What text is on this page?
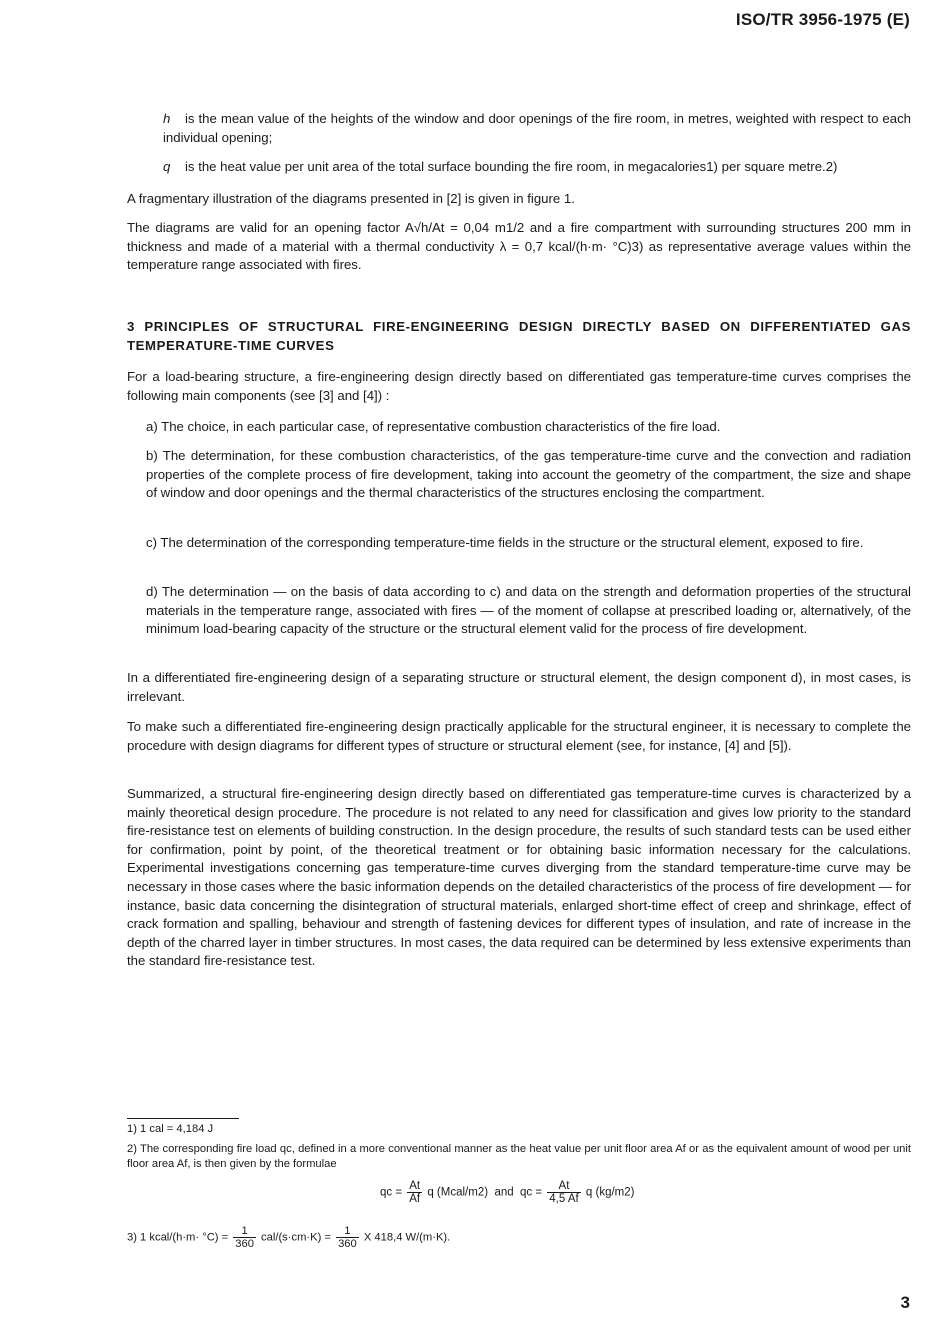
ISO/TR 3956-1975 (E)

h is the mean value of the heights of the window and door openings of the fire room, in metres, weighted with respect to each individual opening;

q is the heat value per unit area of the total surface bounding the fire room, in megacalories1) per square metre.2)

A fragmentary illustration of the diagrams presented in [2] is given in figure 1.

The diagrams are valid for an opening factor A√h/At = 0,04 m1/2 and a fire compartment with surrounding structures 200 mm in thickness and made of a material with a thermal conductivity λ = 0,7 kcal/(h·m· °C)3) as representative average values within the temperature range associated with fires.

3 PRINCIPLES OF STRUCTURAL FIRE-ENGINEERING DESIGN DIRECTLY BASED ON DIFFERENTIATED GAS TEMPERATURE-TIME CURVES

For a load-bearing structure, a fire-engineering design directly based on differentiated gas temperature-time curves comprises the following main components (see [3] and [4]) :

a) The choice, in each particular case, of representative combustion characteristics of the fire load.

b) The determination, for these combustion characteristics, of the gas temperature-time curve and the convection and radiation properties of the complete process of fire development, taking into account the geometry of the compartment, the size and shape of window and door openings and the thermal characteristics of the structures enclosing the compartment.

c) The determination of the corresponding temperature-time fields in the structure or the structural element, exposed to fire.

d) The determination — on the basis of data according to c) and data on the strength and deformation properties of the structural materials in the temperature range, associated with fires — of the moment of collapse at prescribed loading or, alternatively, of the minimum load-bearing capacity of the structure or the structural element valid for the process of fire development.

In a differentiated fire-engineering design of a separating structure or structural element, the design component d), in most cases, is irrelevant.

To make such a differentiated fire-engineering design practically applicable for the structural engineer, it is necessary to complete the procedure with design diagrams for different types of structure or structural element (see, for instance, [4] and [5]).

Summarized, a structural fire-engineering design directly based on differentiated gas temperature-time curves is characterized by a mainly theoretical design procedure. The procedure is not related to any need for classification and gives low priority to the standard fire-resistance test on elements of building construction. In the design procedure, the results of such standard tests can be used either for confirmation, point by point, of the theoretical treatment or for obtaining basic information necessary for the calculations. Experimental investigations concerning gas temperature-time curves diverging from the standard temperature-time curve may be necessary in those cases where the basic information depends on the detailed characteristics of the process of fire development — for instance, basic data concerning the disintegration of structural materials, enlarged short-time effect of creep and shrinkage, effect of crack formation and spalling, behaviour and strength of fastening devices for different types of insulation, and rate of increase in the depth of the charred layer in timber structures. In most cases, the data required can be determined by less extensive experiments than the standard fire-resistance test.

1) 1 cal = 4,184 J

2) The corresponding fire load qc, defined in a more conventional manner as the heat value per unit floor area Af or as the equivalent amount of wood per unit floor area Af, is then given by the formulae

qc = $\frac{At}{Af}$ q (Mcal/m2) and qc = $\frac{At}{4,5 Af}$ q (kg/m2)
3) 1 kcal/(h·m· $^\circ C) = \frac{1}{360} cal/(s\cdot cm\cdot K) = \frac{1}{360}$ X 418,4 W/(m·K).
3
